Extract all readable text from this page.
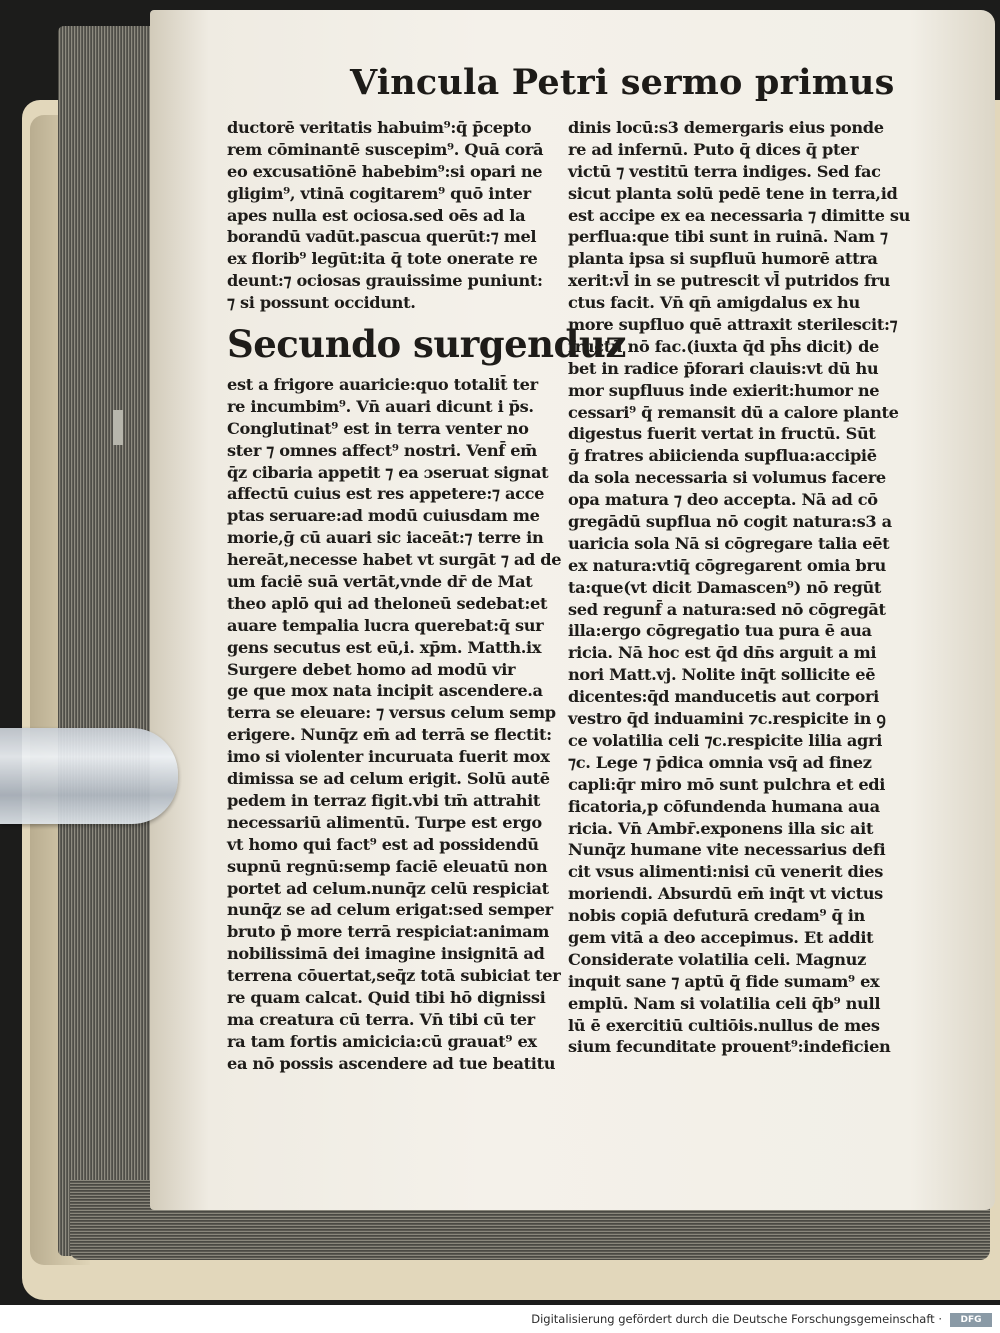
Vincula Petri sermo primus

ductorē veritatis habuim⁹:q̄ p̄cepto

rem cōminantē suscepim⁹. Quā corā

eo excusatiōnē habebim⁹:si opari ne

gligim⁹, vtinā cogitarem⁹ quō inter

apes nulla est ociosa.sed oēs ad la

borandū vadūt.pascua querūt:⁊ mel

ex florib⁹ legūt:ita q̄ tote onerate re

deunt:⁊ ociosas grauissime puniunt:

⁊ si possunt occidunt.

Secundo surgenduz

est a frigore auaricie:quo totalit̄ ter

re incumbim⁹. Vn̄ auari dicunt i p̄s.

Conglutinat⁹ est in terra venter no

ster ⁊ omnes affect⁹ nostri. Venf̄ em̄

q̄z cibaria appetit ⁊ ea ɔseruat signat

affectū cuius est res appetere:⁊ acce

ptas seruare:ad modū cuiusdam me

morie,ḡ cū auari sic iaceāt:⁊ terre in

hereāt,necesse habet vt surgāt ⁊ ad de

um faciē suā vertāt,vnde dr̄ de Mat

theo aplō qui ad theloneū sedebat:et

auare tempalia lucra querebat:q̄ sur

gens secutus est eū,i. xp̄m. Matth.ix

Surgere debet homo ad modū vir

ge que mox nata incipit ascendere.a

terra se eleuare: ⁊ versus celum semp

erigere. Nunq̄z em̄ ad terrā se flectit:

imo si violenter incuruata fuerit mox

dimissa se ad celum erigit. Solū autē

pedem in terraz figit.vbi tm̄ attrahit

necessariū alimentū. Turpe est ergo

vt homo qui fact⁹ est ad possidendū

supnū regnū:semp faciē eleuatū non

portet ad celum.nunq̄z celū respiciat

nunq̄z se ad celum erigat:sed semper

bruto p̄ more terrā respiciat:animam

nobilissimā dei imagine insignitā ad

terrena cōuertat,seq̄z totā subiciat ter

re quam calcat. Quid tibi hō dignissi

ma creatura cū terra. Vn̄ tibi cū ter

ra tam fortis amicicia:cū grauat⁹ ex

ea nō possis ascendere ad tue beatitu

dinis locū:s3 demergaris eius ponde

re ad infernū. Puto q̄ dices q̄ pter

victū ⁊ vestitū terra indiges. Sed fac

sicut planta solū pedē tene in terra,id

est accipe ex ea necessaria ⁊ dimitte su

perflua:que tibi sunt in ruinā. Nam ⁊

planta ipsa si supfluū humorē attra

xerit:vl̄ in se putrescit vl̄ putridos fru

ctus facit. Vn̄ qn̄ amigdalus ex hu

more supfluo quē attraxit sterilescit:⁊

fructū nō fac.(iuxta q̄d ph̄s dicit) de

bet in radice p̄forari clauis:vt dū hu

mor supfluus inde exierit:humor ne

cessari⁹ q̄ remansit dū a calore plante

digestus fuerit vertat in fructū. Sūt

ḡ fratres abiicienda supflua:accipiē

da sola necessaria si volumus facere

opa matura ⁊ deo accepta. Nā ad cō

gregādū supflua nō cogit natura:s3 a

uaricia sola Nā si cōgregare talia eēt

ex natura:vtiq̄ cōgregarent omia bru

ta:que(vt dicit Damascen⁹) nō regūt

sed regunf̄ a natura:sed nō cōgregāt

illa:ergo cōgregatio tua pura ē aua

ricia. Nā hoc est q̄d dn̄s arguit a mi

nori Matt.vj. Nolite inq̄t sollicite eē

dicentes:q̄d manducetis aut corpori

vestro q̄d induamini ⁊c.respicite in ꝯ

ce volatilia celi ⁊c.respicite lilia agri

⁊c. Lege ⁊ p̄dica omnia vsq̄ ad finez

capli:q̄r miro mō sunt pulchra et edi

ficatoria,p cōfundenda humana aua

ricia. Vn̄ Ambr̄.exponens illa sic ait

Nunq̄z humane vite necessarius defi

cit vsus alimenti:nisi cū venerit dies

moriendi. Absurdū em̄ inq̄t vt victus

nobis copiā defuturā credam⁹ q̄ in

gem vitā a deo accepimus. Et addit

Considerate volatilia celi. Magnuz

inquit sane ⁊ aptū q̄ fide sumam⁹ ex

emplū. Nam si volatilia celi q̄b⁹ null

lū ē exercitiū cultiōis.nullus de mes

sium fecunditate prouent⁹:indeficien

Digitalisierung gefördert durch die Deutsche Forschungsgemeinschaft ·	DFG
